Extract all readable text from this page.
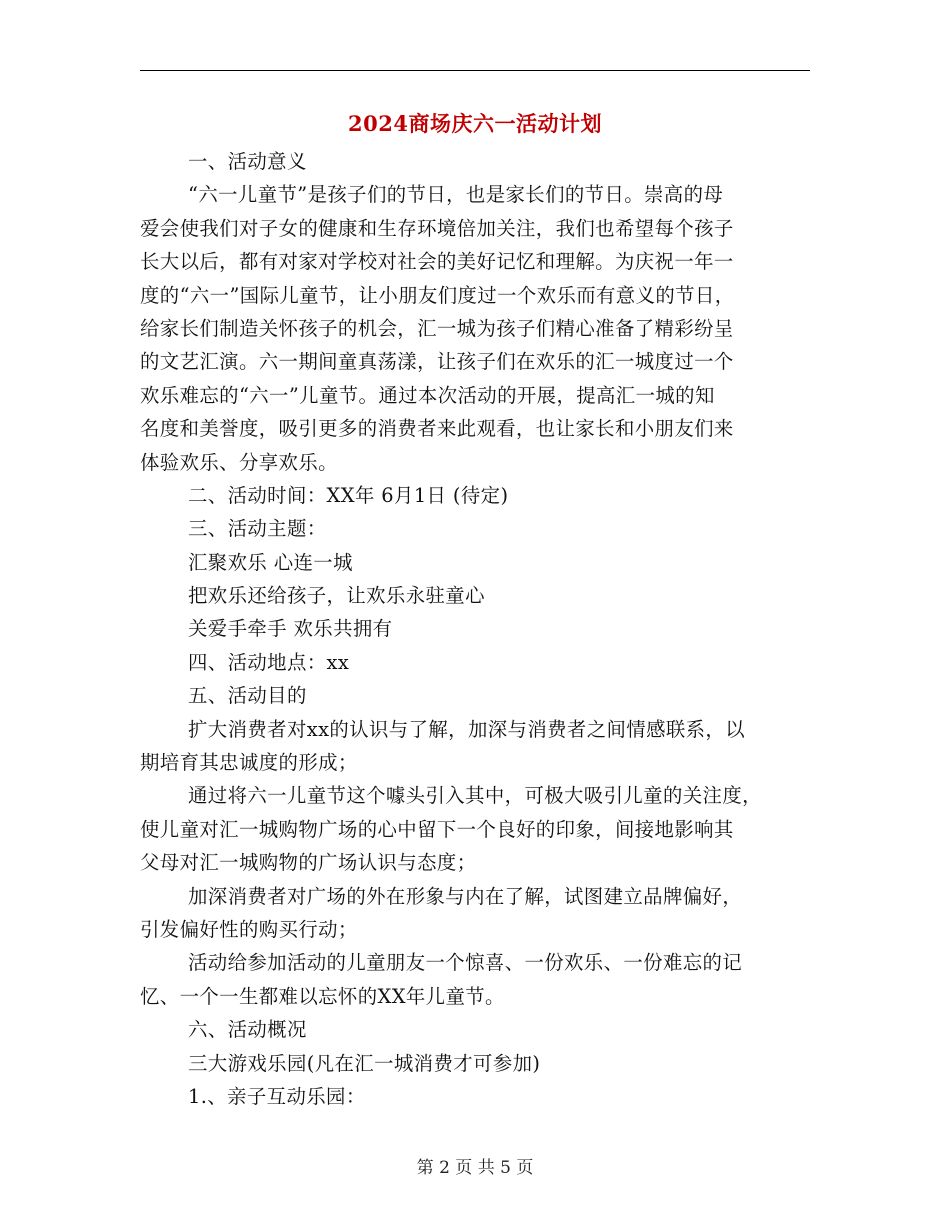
2024商场庆六一活动计划
一、活动意义
“六一儿童节”是孩子们的节日，也是家长们的节日。崇高的母
爱会使我们对子女的健康和生存环境倍加关注，我们也希望每个孩子
长大以后，都有对家对学校对社会的美好记忆和理解。为庆祝一年一
度的“六一”国际儿童节，让小朋友们度过一个欢乐而有意义的节日，
给家长们制造关怀孩子的机会，汇一城为孩子们精心准备了精彩纷呈
的文艺汇演。六一期间童真荡漾，让孩子们在欢乐的汇一城度过一个
欢乐难忘的“六一”儿童节。通过本次活动的开展，提高汇一城的知
名度和美誉度，吸引更多的消费者来此观看，也让家长和小朋友们来
体验欢乐、分享欢乐。
二、活动时间：XX年 6月1日 (待定)
三、活动主题：
汇聚欢乐 心连一城
把欢乐还给孩子，让欢乐永驻童心
关爱手牵手 欢乐共拥有
四、活动地点：xx
五、活动目的
扩大消费者对xx的认识与了解，加深与消费者之间情感联系，以
期培育其忠诚度的形成；
通过将六一儿童节这个噱头引入其中，可极大吸引儿童的关注度，
使儿童对汇一城购物广场的心中留下一个良好的印象，间接地影响其
父母对汇一城购物的广场认识与态度；
加深消费者对广场的外在形象与内在了解，试图建立品牌偏好，
引发偏好性的购买行动；
活动给参加活动的儿童朋友一个惊喜、一份欢乐、一份难忘的记
忆、一个一生都难以忘怀的XX年儿童节。
六、活动概况
三大游戏乐园(凡在汇一城消费才可参加)
1.、亲子互动乐园：
第 2 页 共 5 页
